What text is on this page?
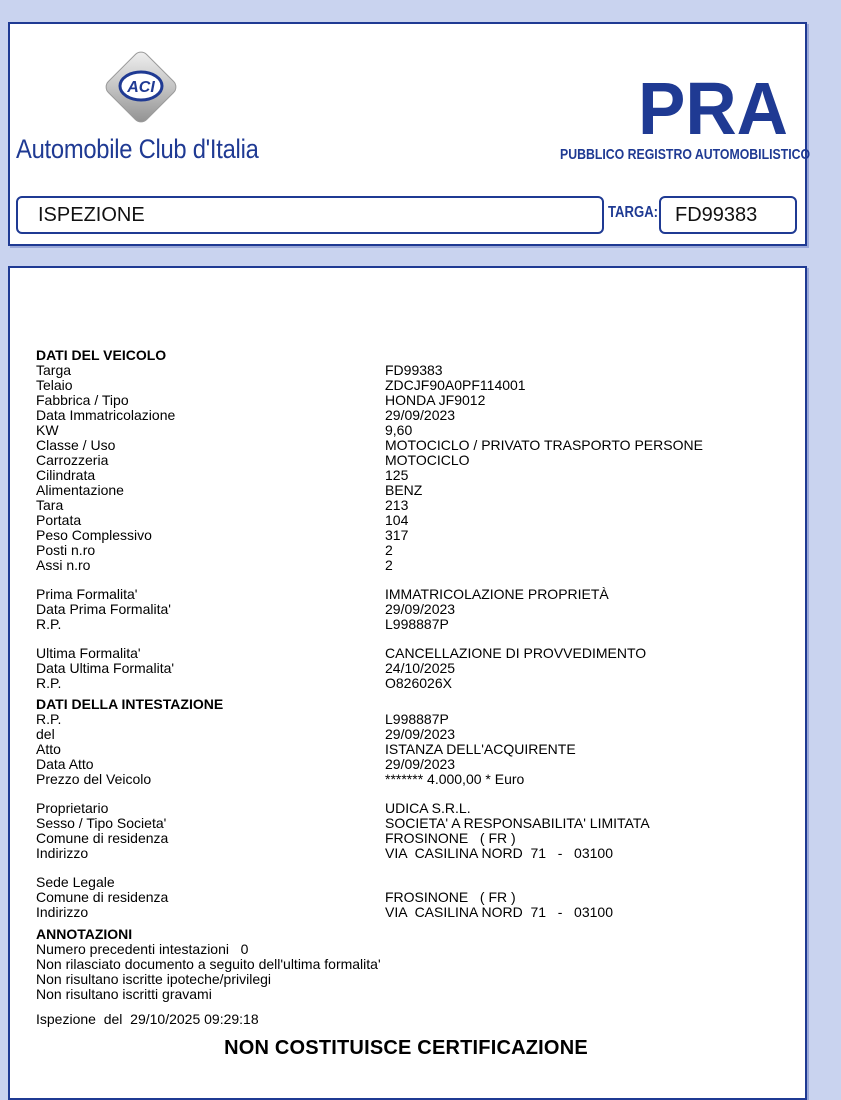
ACI
Automobile Club d'Italia	PRA
PUBBLICO REGISTRO AUTOMOBILISTICO
ISPEZIONE	TARGA: FD99383
DATI DEL VEICOLO
Targa	FD99383
Telaio	ZDCJF90A0PF114001
Fabbrica / Tipo	HONDA JF9012
Data Immatricolazione	29/09/2023
KW	9,60
Classe / Uso	MOTOCICLO / PRIVATO TRASPORTO PERSONE
Carrozzeria	MOTOCICLO
Cilindrata	125
Alimentazione	BENZ
Tara	213
Portata	104
Peso Complessivo	317
Posti n.ro	2
Assi n.ro	2
Prima Formalita'	IMMATRICOLAZIONE PROPRIETÀ
Data Prima Formalita'	29/09/2023
R.P.	L998887P
Ultima Formalita'	CANCELLAZIONE DI PROVVEDIMENTO
Data Ultima Formalita'	24/10/2025
R.P.	O826026X
DATI DELLA INTESTAZIONE
R.P.	L998887P
del	29/09/2023
Atto	ISTANZA DELL'ACQUIRENTE
Data Atto	29/09/2023
Prezzo del Veicolo	******* 4.000,00 * Euro
Proprietario	UDICA S.R.L.
Sesso / Tipo Societa'	SOCIETA' A RESPONSABILITA' LIMITATA
Comune di residenza	FROSINONE   ( FR )
Indirizzo	VIA  CASILINA NORD  71   -   03100
Sede Legale
Comune di residenza	FROSINONE   ( FR )
Indirizzo	VIA  CASILINA NORD  71   -   03100
ANNOTAZIONI
Numero precedenti intestazioni   0
Non rilasciato documento a seguito dell'ultima formalita'
Non risultano iscritte ipoteche/privilegi
Non risultano iscritti gravami
Ispezione  del  29/10/2025 09:29:18
NON COSTITUISCE CERTIFICAZIONE
